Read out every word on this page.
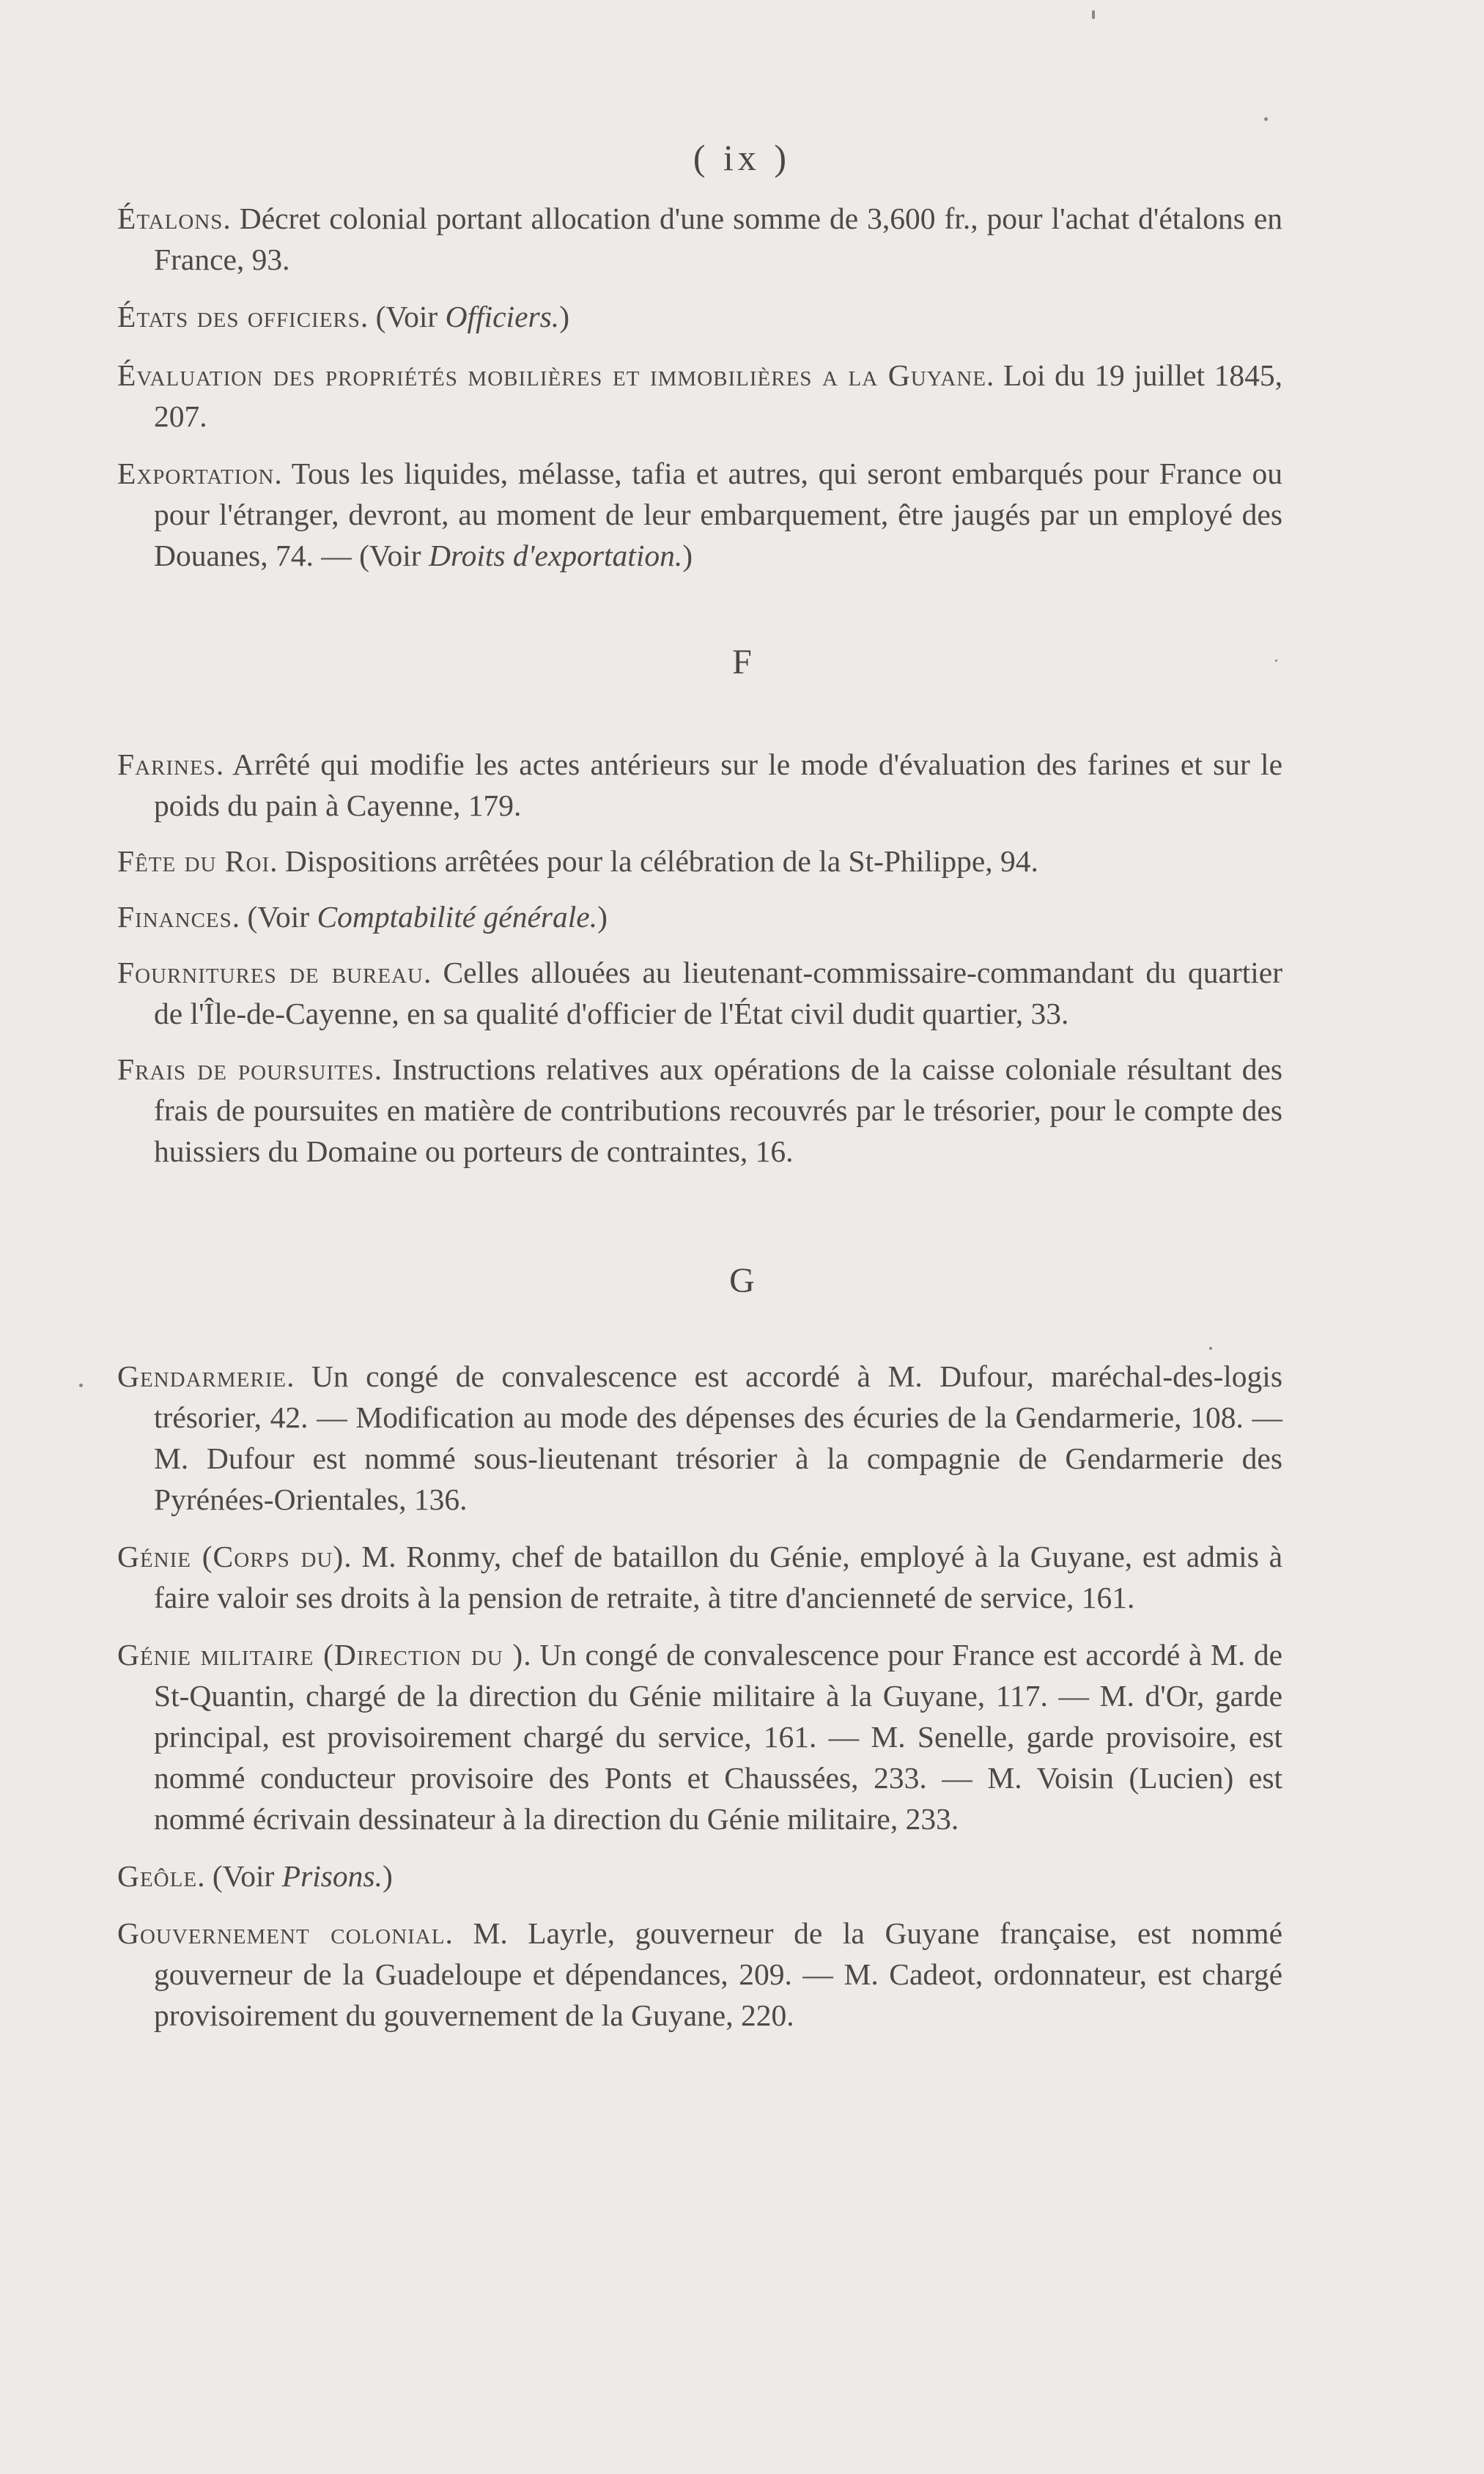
( ix )

Étalons. Décret colonial portant allocation d'une somme de 3,600 fr., pour l'achat d'étalons en France, 93.

États des officiers. (Voir Officiers.)

Évaluation des propriétés mobilières et immobilières a la Guyane. Loi du 19 juillet 1845, 207.

Exportation. Tous les liquides, mélasse, tafia et autres, qui seront embarqués pour France ou pour l'étranger, devront, au moment de leur embarquement, être jaugés par un employé des Douanes, 74. — (Voir Droits d'exportation.)

F

Farines. Arrêté qui modifie les actes antérieurs sur le mode d'évaluation des farines et sur le poids du pain à Cayenne, 179.

Fête du Roi. Dispositions arrêtées pour la célébration de la St-Philippe, 94.

Finances. (Voir Comptabilité générale.)

Fournitures de bureau. Celles allouées au lieutenant-commissaire-commandant du quartier de l'Île-de-Cayenne, en sa qualité d'officier de l'État civil dudit quartier, 33.

Frais de poursuites. Instructions relatives aux opérations de la caisse coloniale résultant des frais de poursuites en matière de contributions recouvrés par le trésorier, pour le compte des huissiers du Domaine ou porteurs de contraintes, 16.

G

Gendarmerie. Un congé de convalescence est accordé à M. Dufour, maréchal-des-logis trésorier, 42. — Modification au mode des dépenses des écuries de la Gendarmerie, 108. — M. Dufour est nommé sous-lieutenant trésorier à la compagnie de Gendarmerie des Pyrénées-Orientales, 136.

Génie (Corps du). M. Ronmy, chef de bataillon du Génie, employé à la Guyane, est admis à faire valoir ses droits à la pension de retraite, à titre d'ancienneté de service, 161.

Génie militaire (Direction du ). Un congé de convalescence pour France est accordé à M. de St-Quantin, chargé de la direction du Génie militaire à la Guyane, 117. — M. d'Or, garde principal, est provisoirement chargé du service, 161. — M. Senelle, garde provisoire, est nommé conducteur provisoire des Ponts et Chaussées, 233. — M. Voisin (Lucien) est nommé écrivain dessinateur à la direction du Génie militaire, 233.

Geôle. (Voir Prisons.)

Gouvernement colonial. M. Layrle, gouverneur de la Guyane française, est nommé gouverneur de la Guadeloupe et dépendances, 209. — M. Cadeot, ordonnateur, est chargé provisoirement du gouvernement de la Guyane, 220.
